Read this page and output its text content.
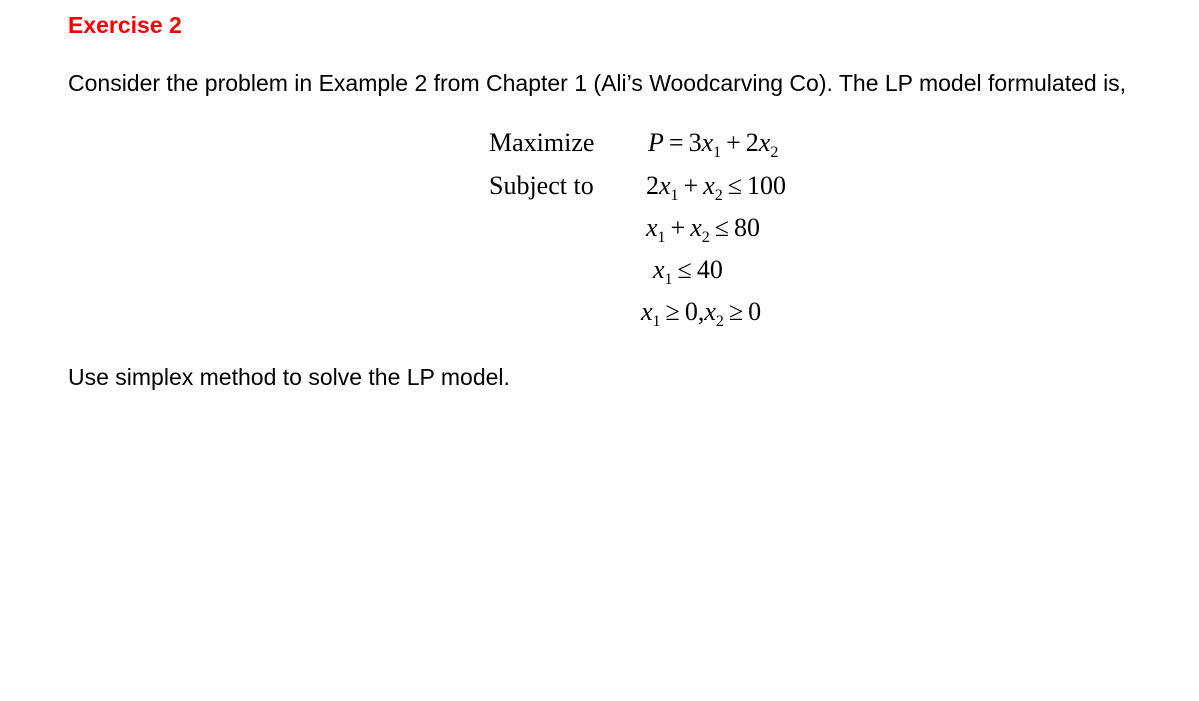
Exercise 2

Consider the problem in Example 2 from Chapter 1 (Ali’s Woodcarving Co). The LP model formulated is,

Maximize
Subject to
$P = 3x_1 + 2x_2$
$2x_1 + x_2 \le 100$
$x_1 + x_2 \le 80$
$x_1 \le 40$
$x_1 \ge 0,x_2 \ge 0$
Use simplex method to solve the LP model.
